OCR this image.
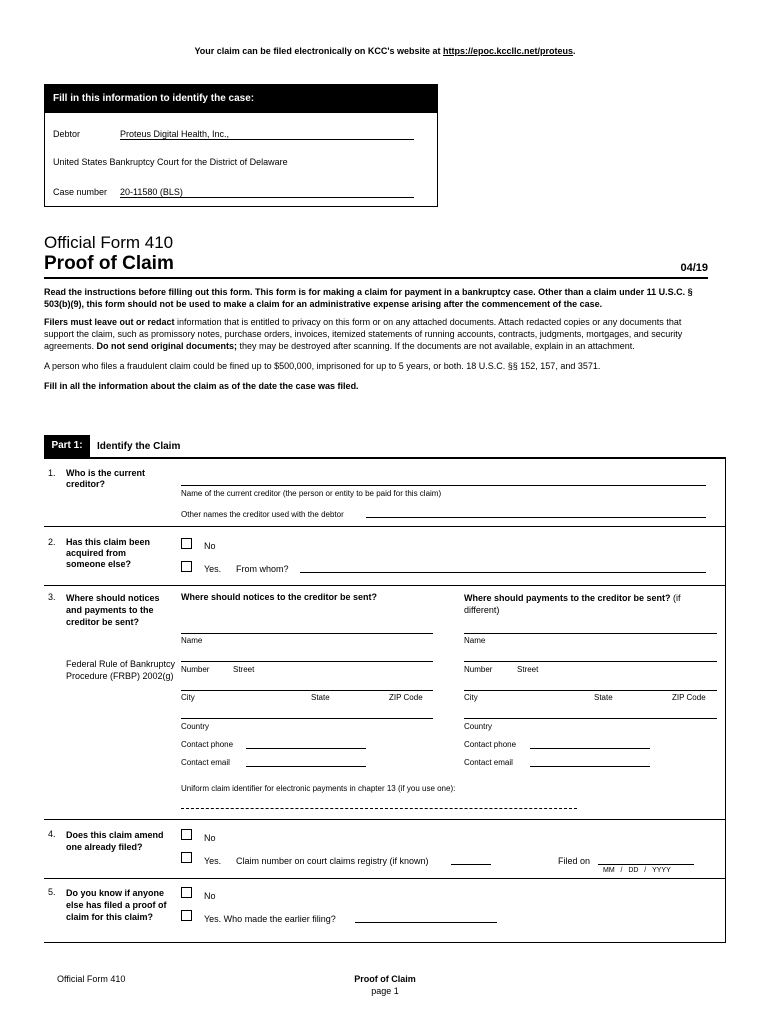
Your claim can be filed electronically on KCC's website at https://epoc.kccllc.net/proteus.
Fill in this information to identify the case:
Debtor	Proteus Digital Health, Inc.,
United States Bankruptcy Court for the District of Delaware
Case number 20-11580 (BLS)
Official Form 410
Proof of Claim	04/19

Read the instructions before filling out this form. This form is for making a claim for payment in a bankruptcy case. Other than a claim under 11 U.S.C. § 503(b)(9), this form should not be used to make a claim for an administrative expense arising after the commencement of the case.

Filers must leave out or redact information that is entitled to privacy on this form or on any attached documents. Attach redacted copies or any documents that support the claim, such as promissory notes, purchase orders, invoices, itemized statements of running accounts, contracts, judgments, mortgages, and security agreements. Do not send original documents; they may be destroyed after scanning. If the documents are not available, explain in an attachment.

A person who files a fraudulent claim could be fined up to $500,000, imprisoned for up to 5 years, or both. 18 U.S.C. §§ 152, 157, and 3571.

Fill in all the information about the claim as of the date the case was filed.

Part 1:	Identify the Claim
1. Who is the current creditor?
Name of the current creditor (the person or entity to be paid for this claim)
Other names the creditor used with the debtor
2. Has this claim been acquired from someone else?
No
Yes. From whom?
3. Where should notices and payments to the creditor be sent?
Federal Rule of Bankruptcy Procedure (FRBP) 2002(g)
Where should notices to the creditor be sent?	Where should payments to the creditor be sent? (if different)
Name
Number	Street
City	State	ZIP Code
Country
Contact phone
Contact email
Name
Number	Street
City	State	ZIP Code
Country
Contact phone
Contact email
Uniform claim identifier for electronic payments in chapter 13 (if you use one):
4. Does this claim amend one already filed?
No
Yes. Claim number on court claims registry (if known)	Filed on
MM / DD / YYYY
5. Do you know if anyone else has filed a proof of claim for this claim?
No
Yes. Who made the earlier filing?
Official Form 410	Proof of Claim
page 1
